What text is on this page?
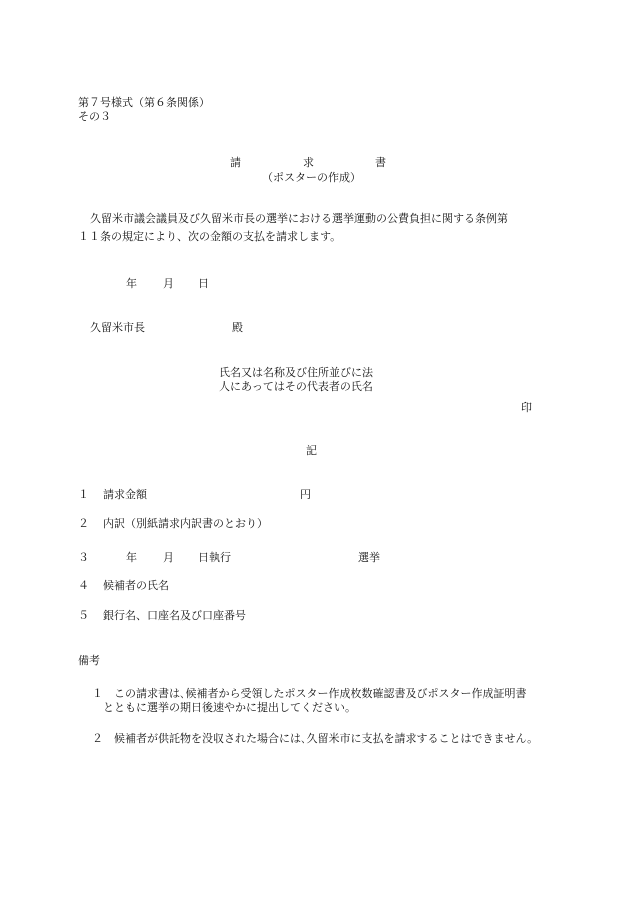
第７号様式（第６条関係）
その３
請	求	書
（ポスターの作成）
久留米市議会議員及び久留米市長の選挙における選挙運動の公費負担に関する条例第
１１条の規定により、次の金額の支払を請求します。
年 月 日
久留米市長	殿
氏名又は名称及び住所並びに法
人にあってはその代表者の氏名
印
記
１ 請求金額	円
２ 内訳（別紙請求内訳書のとおり）
３	年 月 日執行	選挙
４ 候補者の氏名
５ 銀行名、口座名及び口座番号
備考
１ この請求書は､候補者から受領したポスター作成枚数確認書及びポスター作成証明書
とともに選挙の期日後速やかに提出してください。
２ 候補者が供託物を没収された場合には､久留米市に支払を請求することはできません。
